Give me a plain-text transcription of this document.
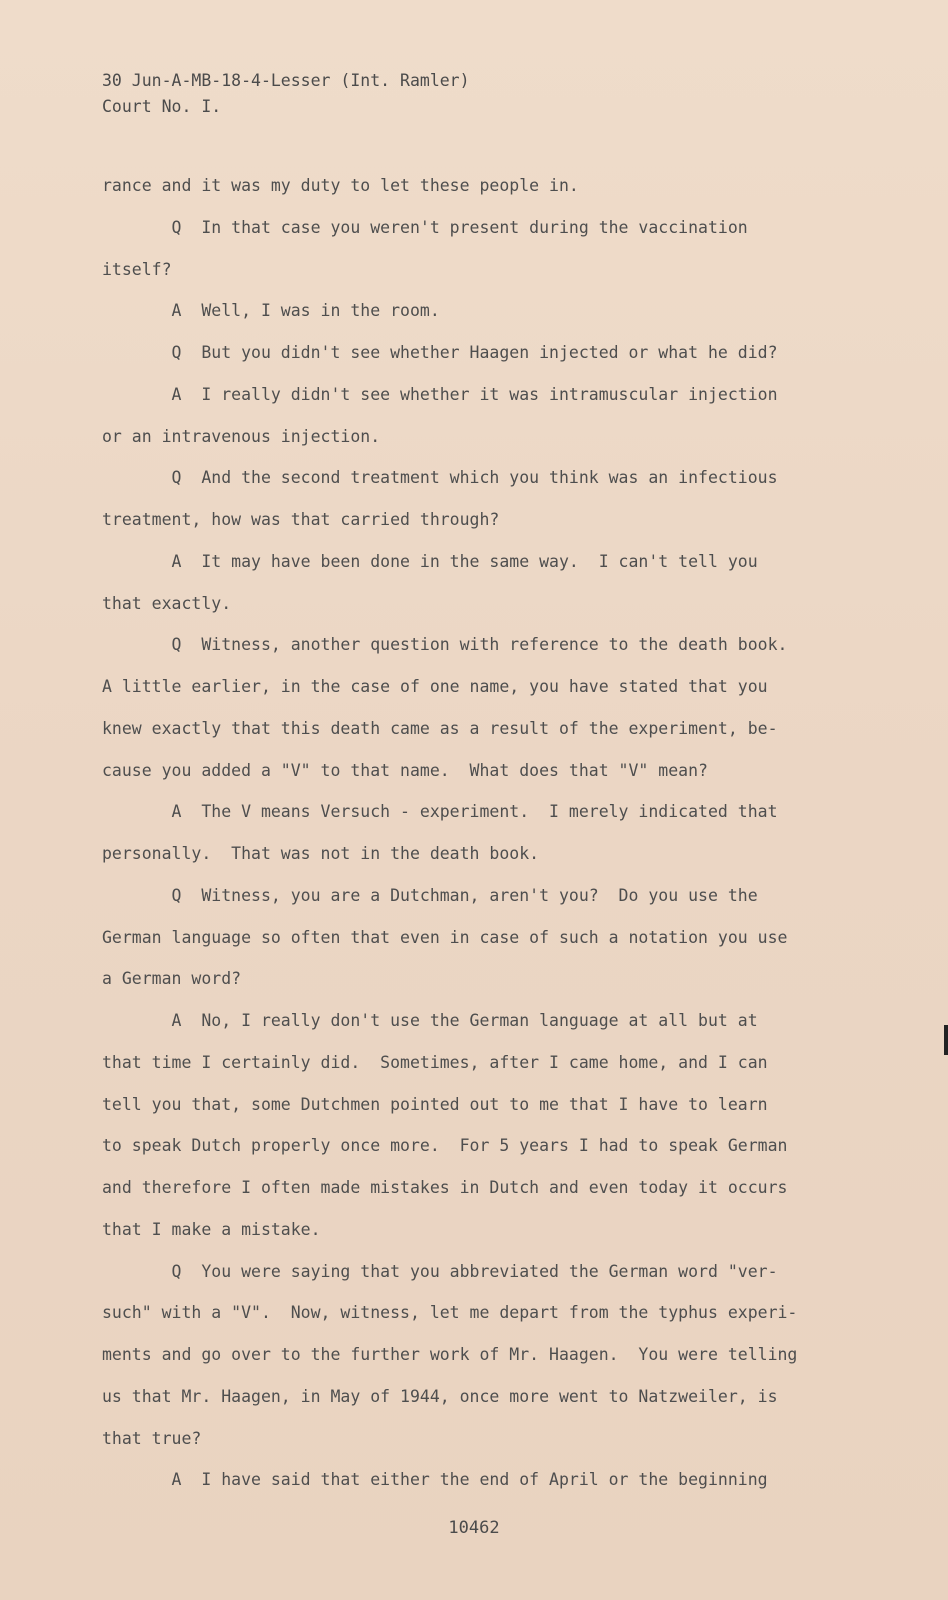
30 Jun-A-MB-18-4-Lesser (Int. Ramler)
Court No. I.
rance and it was my duty to let these people in.
Q  In that case you weren't present during the vaccination
itself?
A  Well, I was in the room.
Q  But you didn't see whether Haagen injected or what he did?
A  I really didn't see whether it was intramuscular injection
or an intravenous injection.
Q  And the second treatment which you think was an infectious
treatment, how was that carried through?
A  It may have been done in the same way.  I can't tell you
that exactly.
Q  Witness, another question with reference to the death book.
A little earlier, in the case of one name, you have stated that you
knew exactly that this death came as a result of the experiment, be-
cause you added a "V" to that name.  What does that "V" mean?
A  The V means Versuch - experiment.  I merely indicated that
personally.  That was not in the death book.
Q  Witness, you are a Dutchman, aren't you?  Do you use the
German language so often that even in case of such a notation you use
a German word?
A  No, I really don't use the German language at all but at
that time I certainly did.  Sometimes, after I came home, and I can
tell you that, some Dutchmen pointed out to me that I have to learn
to speak Dutch properly once more.  For 5 years I had to speak German
and therefore I often made mistakes in Dutch and even today it occurs
that I make a mistake.
Q  You were saying that you abbreviated the German word "ver-
such" with a "V".  Now, witness, let me depart from the typhus experi-
ments and go over to the further work of Mr. Haagen.  You were telling
us that Mr. Haagen, in May of 1944, once more went to Natzweiler, is
that true?
A  I have said that either the end of April or the beginning
10462
